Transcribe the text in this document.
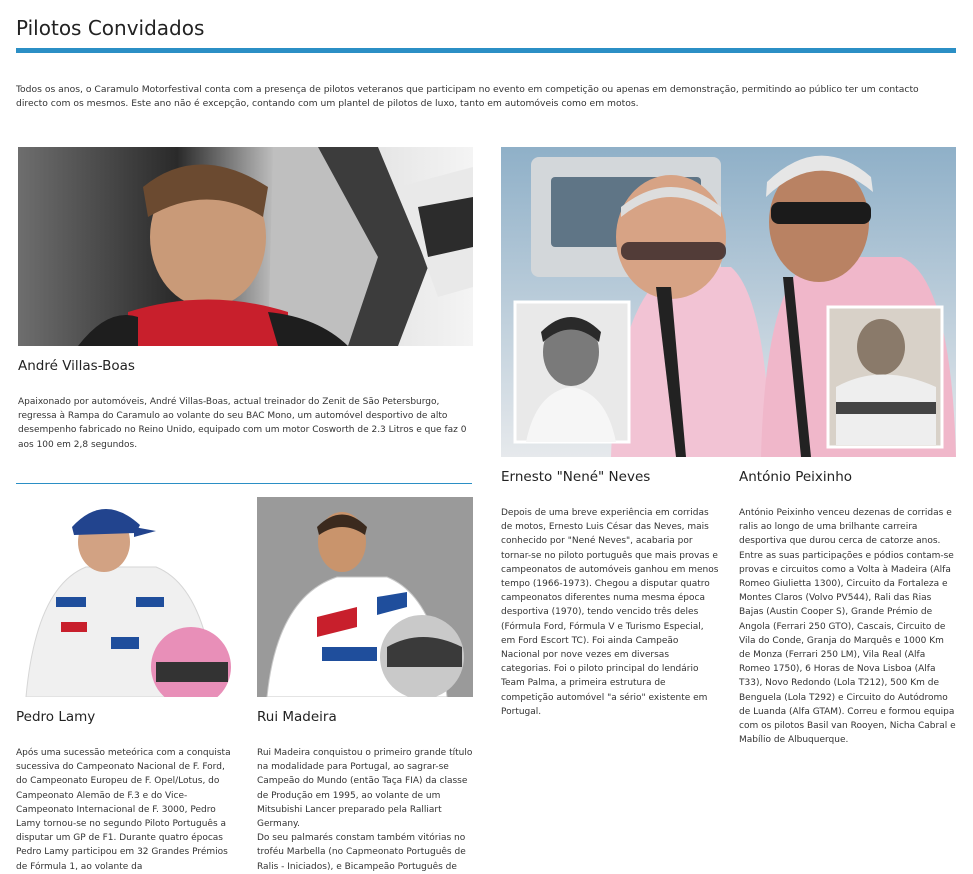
Pilotos Convidados

Todos os anos, o Caramulo Motorfestival conta com a presença de pilotos veteranos que participam no evento em competição ou apenas em demonstração, permitindo ao público ter um contacto directo com os mesmos. Este ano não é excepção, contando com um plantel de pilotos de luxo, tanto em automóveis como em motos.

André Villas-Boas

Apaixonado por automóveis, André Villas-Boas, actual treinador do Zenit de São Petersburgo, regressa à Rampa do Caramulo ao volante do seu BAC Mono, um automóvel desportivo de alto desempenho fabricado no Reino Unido, equipado com um motor Cosworth de 2.3 Litros e que faz 0 aos 100 em 2,8 segundos.

Pedro Lamy

Após uma sucessão meteórica com a conquista sucessiva do Campeonato Nacional de F. Ford, do Campeonato Europeu de F. Opel/Lotus, do Campeonato Alemão de F.3 e do Vice-Campeonato Internacional de F. 3000, Pedro Lamy tornou-se no segundo Piloto Português a disputar um GP de F1. Durante quatro épocas Pedro Lamy participou em 32 Grandes Prémios de Fórmula 1, ao volante da

Rui Madeira

Rui Madeira conquistou o primeiro grande título na modalidade para Portugal, ao sagrar-se Campeão do Mundo (então Taça FIA) da classe de Produção em 1995, ao volante de um Mitsubishi Lancer preparado pela Ralliart Germany.

Do seu palmarés constam também vitórias no troféu Marbella (no Capmeonato Português de Ralis - Iniciados), e Bicampeão Português de

Ernesto "Nené" Neves

Depois de uma breve experiência em corridas de motos, Ernesto Luis César das Neves, mais conhecido por "Nené Neves", acabaria por tornar-se no piloto português que mais provas e campeonatos de automóveis ganhou em menos tempo (1966-1973). Chegou a disputar quatro campeonatos diferentes numa mesma época desportiva (1970), tendo vencido três deles (Fórmula Ford, Fórmula V e Turismo Especial, em Ford Escort TC). Foi ainda Campeão Nacional por nove vezes em diversas categorias. Foi o piloto principal do lendário Team Palma, a primeira estrutura de competição automóvel "a sério" existente em Portugal.

António Peixinho

António Peixinho venceu dezenas de corridas e ralis ao longo de uma brilhante carreira desportiva que durou cerca de catorze anos.

Entre as suas participações e pódios contam-se provas e circuitos como a Volta à Madeira (Alfa Romeo Giulietta 1300), Circuito da Fortaleza e Montes Claros (Volvo PV544), Rali das Rias Bajas (Austin Cooper S), Grande Prémio de Angola (Ferrari 250 GTO), Cascais, Circuito de Vila do Conde, Granja do Marquês e 1000 Km de Monza (Ferrari 250 LM), Vila Real (Alfa Romeo 1750), 6 Horas de Nova Lisboa (Alfa T33), Novo Redondo (Lola T212), 500 Km de Benguela (Lola T292) e Circuito do Autódromo de Luanda (Alfa GTAM). Correu e formou equipa com os pilotos Basil van Rooyen, Nicha Cabral e Mabílio de Albuquerque.
